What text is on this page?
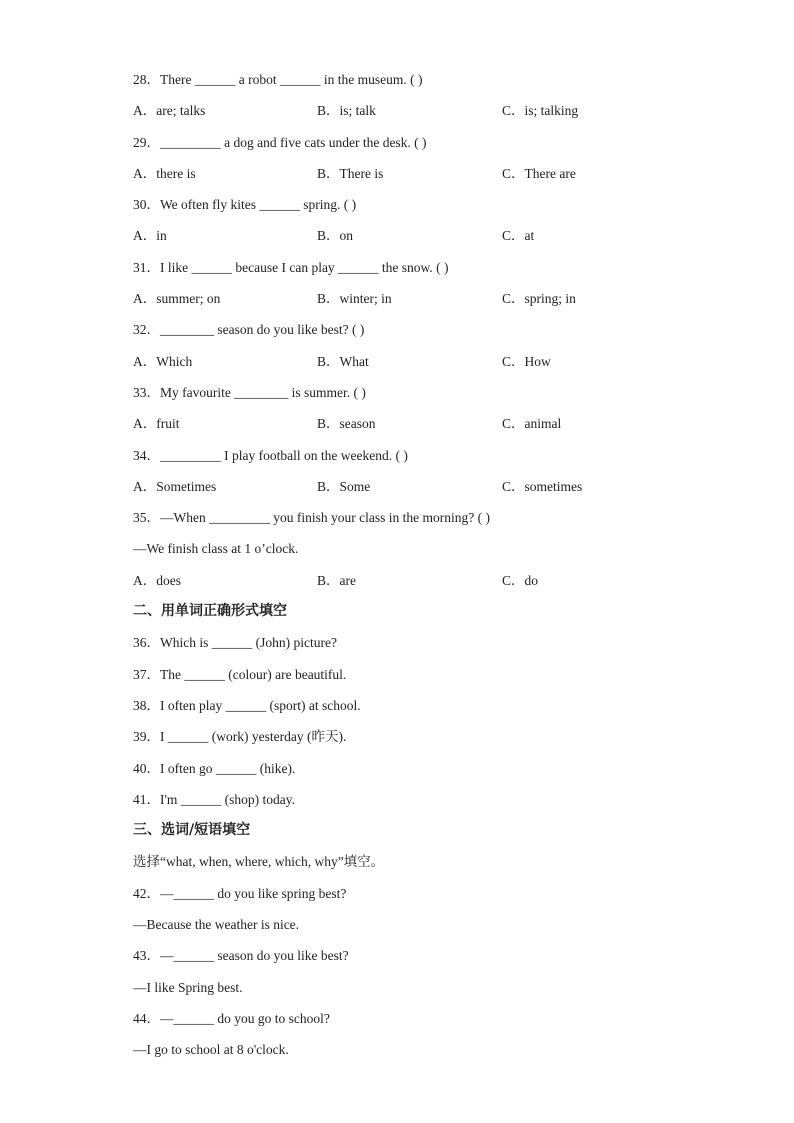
28．There ______ a robot ______ in the museum. ( )
A．are; talks	B．is; talk	C．is; talking
29．_________ a dog and five cats under the desk. ( )
A．there is	B．There is	C．There are
30．We often fly kites ______ spring. ( )
A．in	B．on	C．at
31．I like ______ because I can play ______ the snow. ( )
A．summer; on	B．winter; in	C．spring; in
32．________ season do you like best? ( )
A．Which	B．What	C．How
33．My favourite ________ is summer. ( )
A．fruit	B．season	C．animal
34．_________ I play football on the weekend. ( )
A．Sometimes	B．Some	C．sometimes
35．—When _________ you finish your class in the morning? ( )
—We finish class at 1 o’clock.
A．does	B．are	C．do
二、用单词正确形式填空
36．Which is ______ (John) picture?
37．The ______ (colour) are beautiful.
38．I often play ______ (sport) at school.
39．I ______ (work) yesterday (昨天).
40．I often go ______ (hike).
41．I'm ______ (shop) today.
三、选词/短语填空
选择“what, when, where, which, why”填空。
42．—______ do you like spring best?
—Because the weather is nice.
43．—______ season do you like best?
—I like Spring best.
44．—______ do you go to school?
—I go to school at 8 o'clock.
